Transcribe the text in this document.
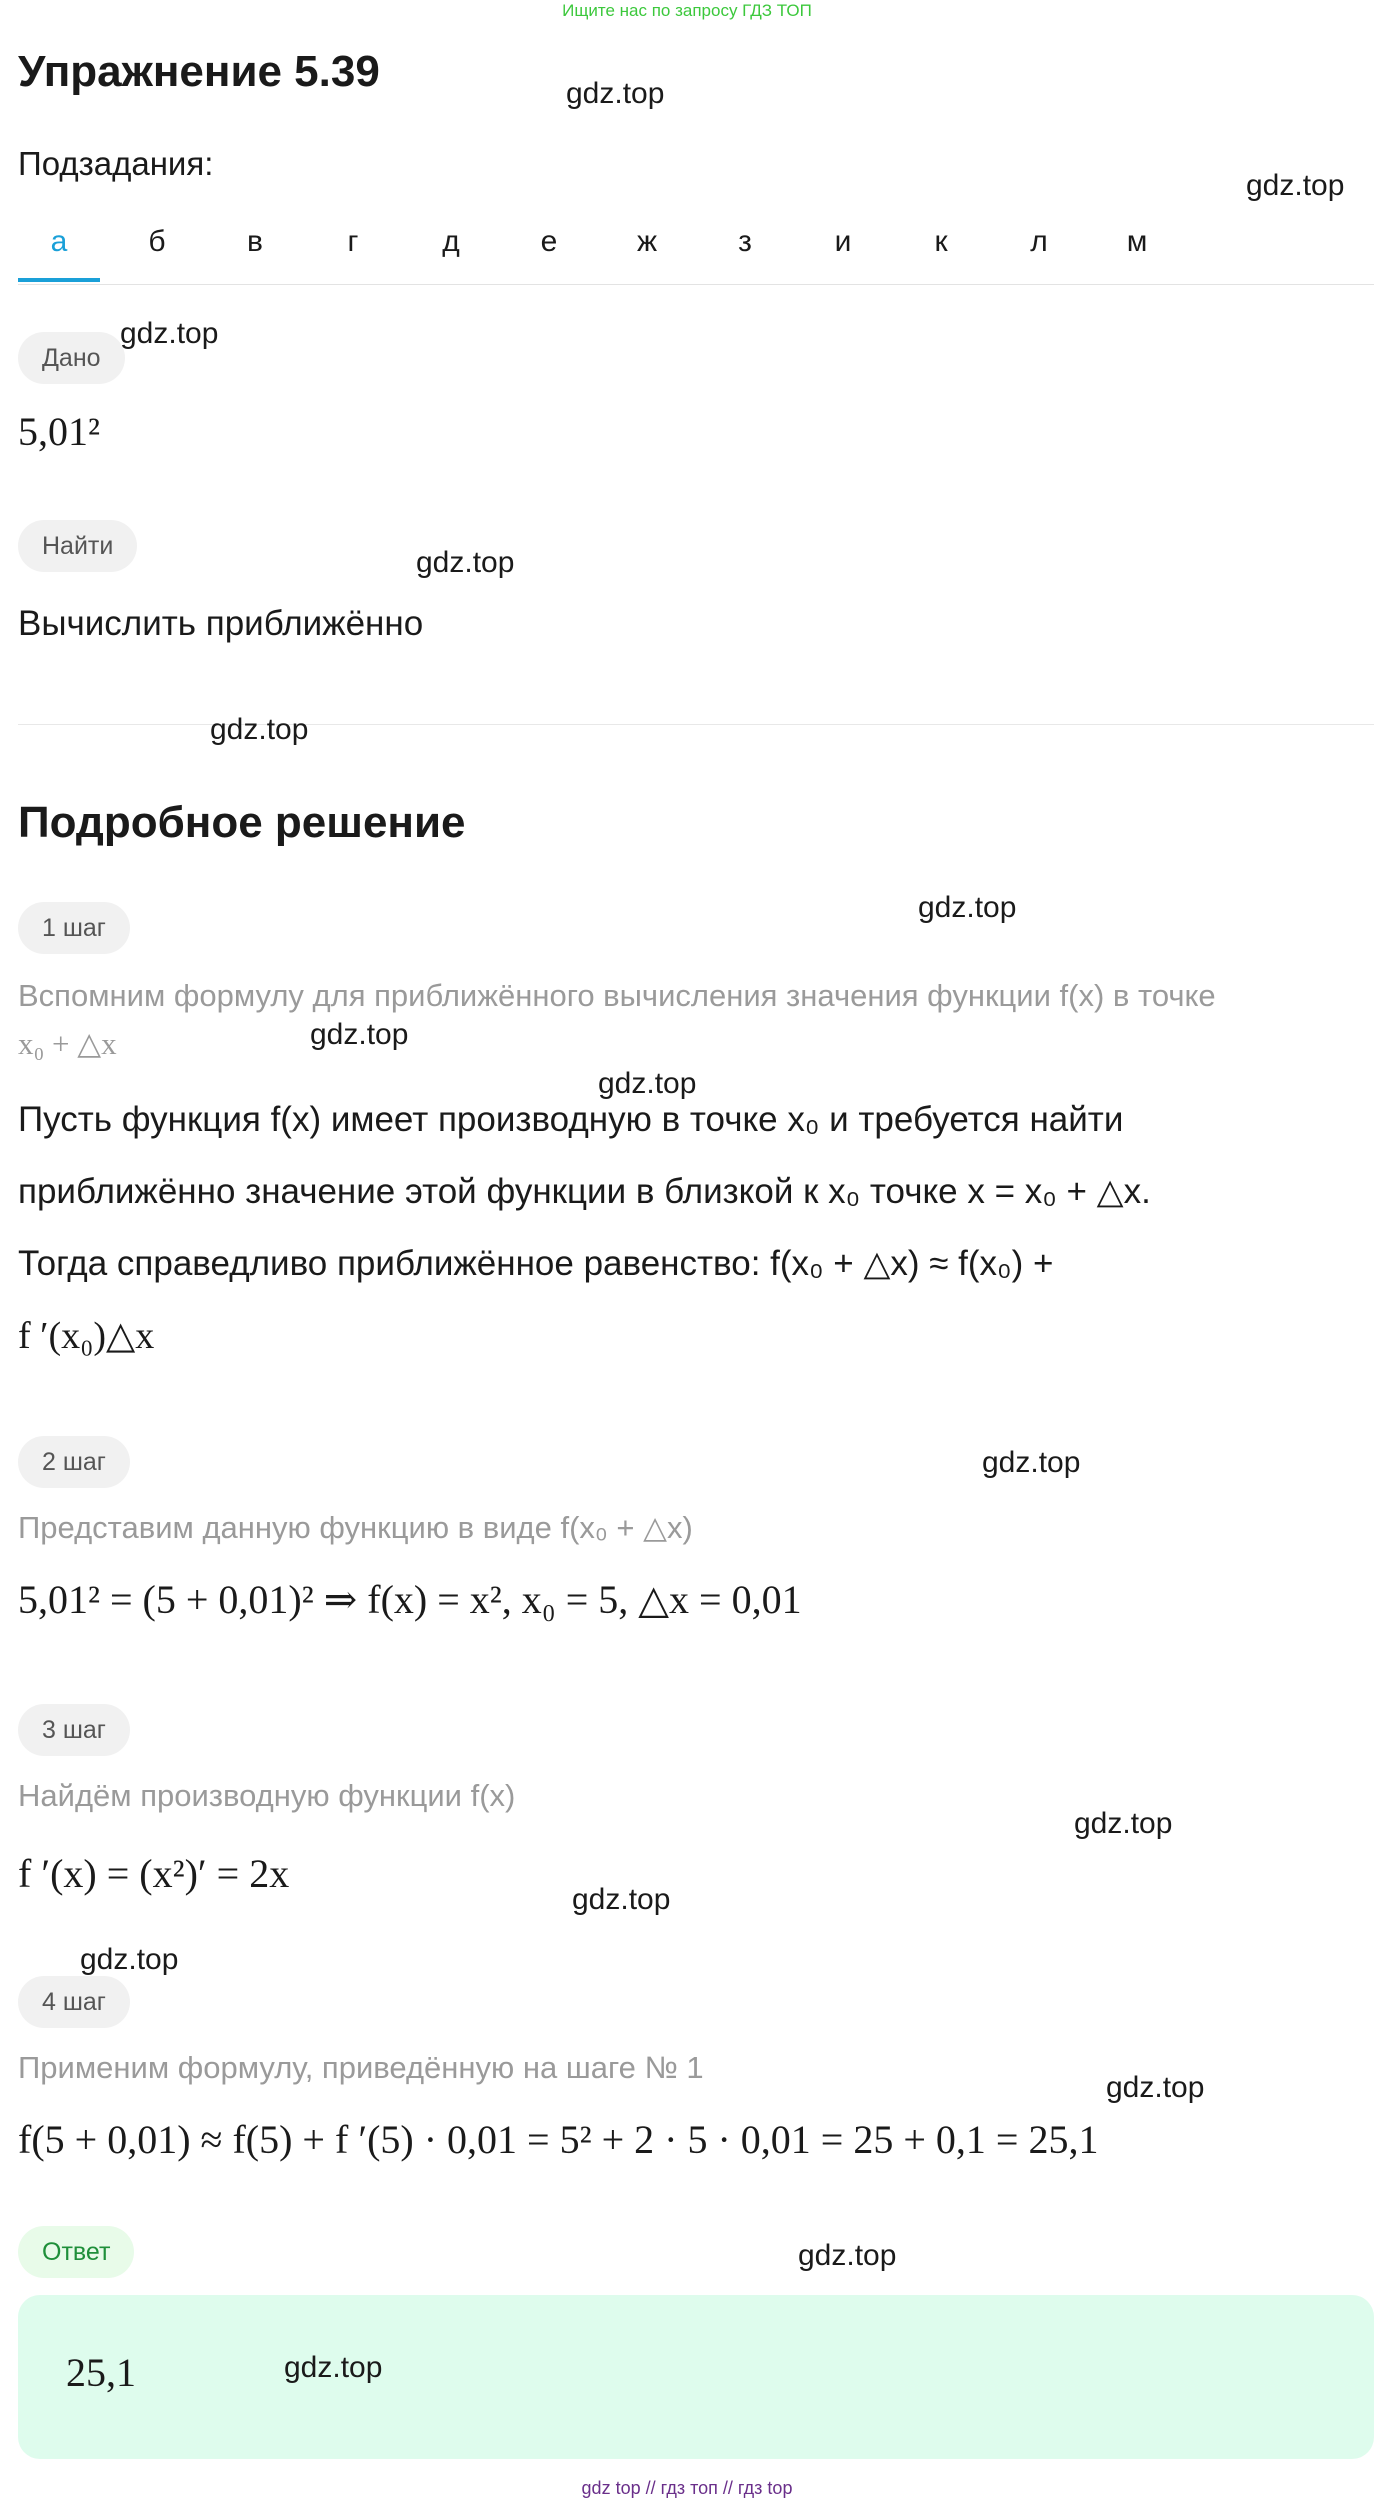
Ищите нас по запросу ГДЗ ТОП
Упражнение 5.39
Подзадания:
а	б	в	г	д	е	ж	з	и	к	л	м
Дано
5,01²
Найти
Вычислить приближённо
Подробное решение
1 шаг
Вспомним формулу для приближённого вычисления значения функции f(x) в точке
x₀ + △x
Пусть функция f(x) имеет производную в точке x₀ и требуется найти
приближённо значение этой функции в близкой к x₀ точке x = x₀ + △x.
Тогда справедливо приближённое равенство: f(x₀ + △x) ≈ f(x₀) +
f ′(x₀)△x
2 шаг
Представим данную функцию в виде f(x₀ + △x)
5,01² = (5 + 0,01)² ⇒ f(x) = x², x₀ = 5, △x = 0,01
3 шаг
Найдём производную функции f(x)
f ′(x) = (x²)′ = 2x
4 шаг
Применим формулу, приведённую на шаге № 1
f(5 + 0,01) ≈ f(5) + f ′(5) · 0,01 = 5² + 2 · 5 · 0,01 = 25 + 0,1 = 25,1
Ответ
25,1
gdz.top
gdz.top
gdz.top
gdz.top
gdz.top
gdz.top
gdz.top
gdz.top
gdz.top
gdz.top
gdz.top
gdz.top
gdz.top
gdz.top
gdz.top
gdz top // гдз топ // гдз top
